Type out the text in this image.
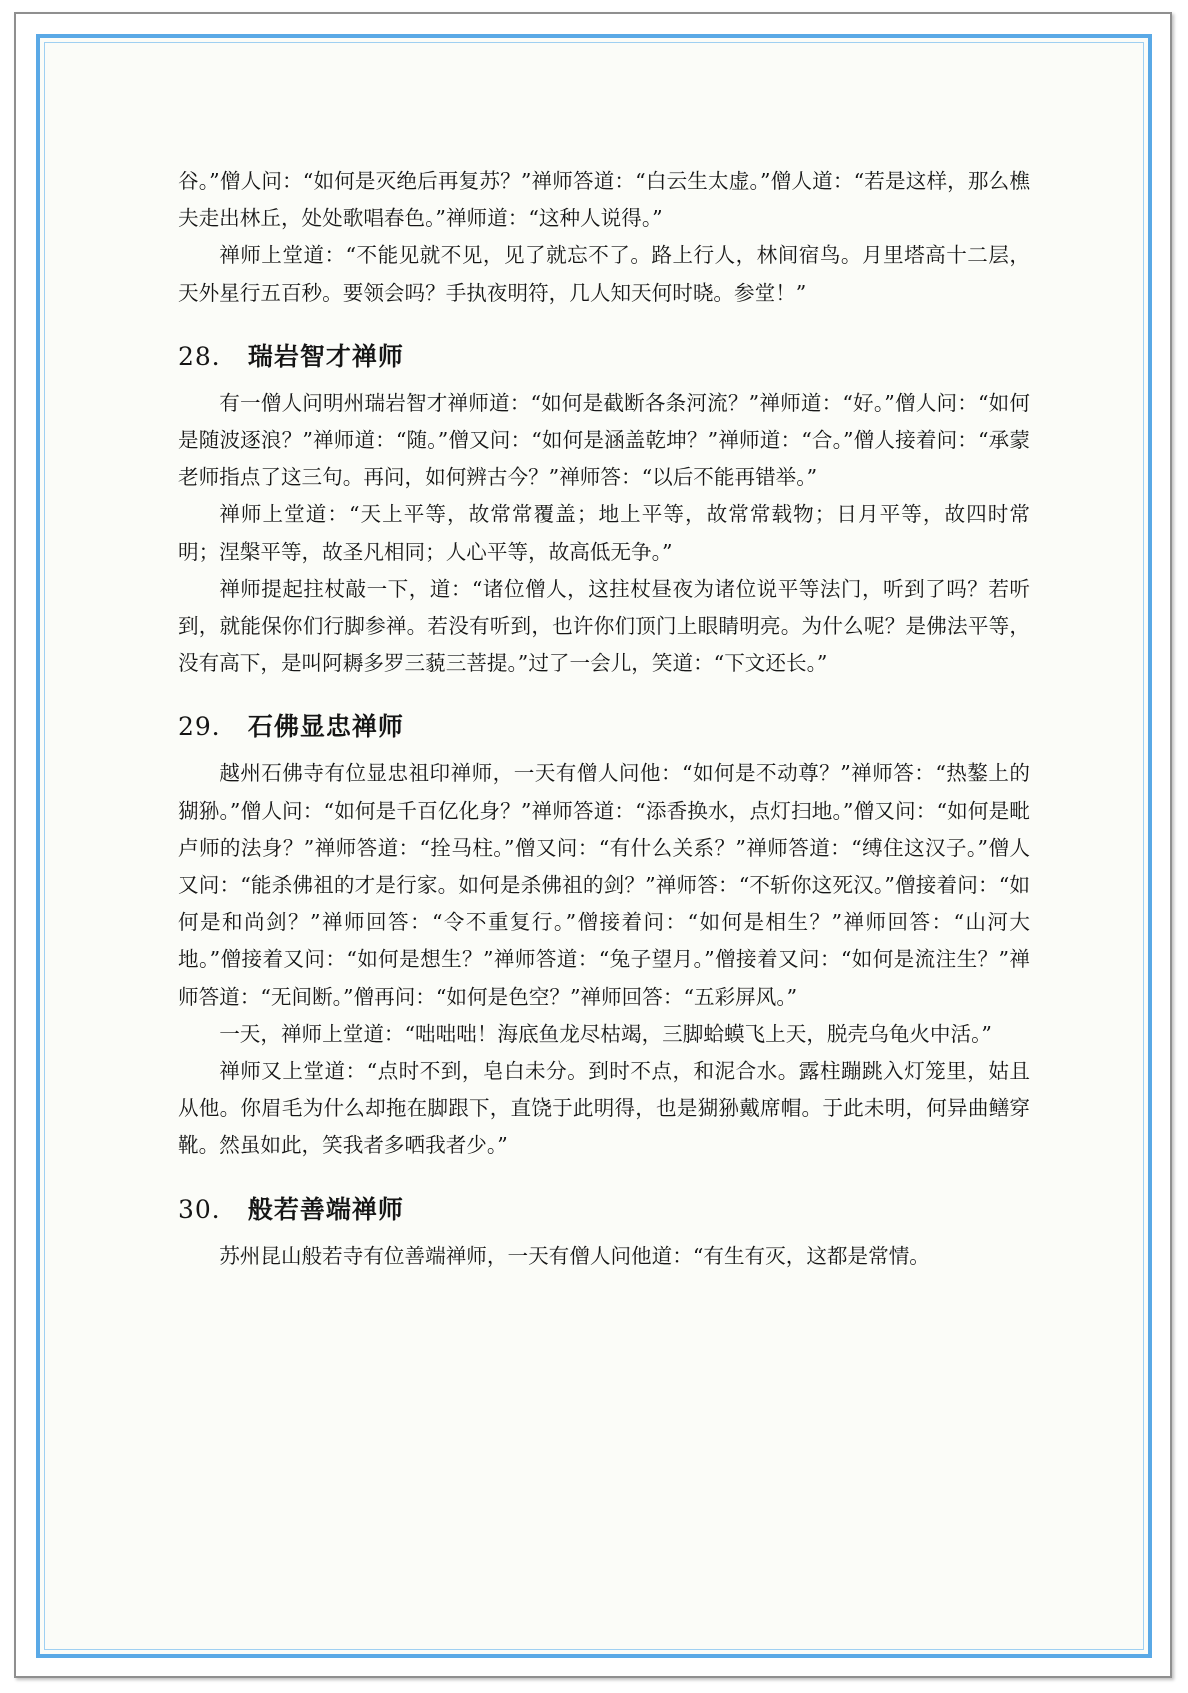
谷。”僧人问：“如何是灭绝后再复苏？”禅师答道：“白云生太虚。”僧人道：“若是这样，那么樵夫走出林丘，处处歌唱春色。”禅师道：“这种人说得。”

禅师上堂道：“不能见就不见，见了就忘不了。路上行人，林间宿鸟。月里塔高十二层，天外星行五百秒。要领会吗？手执夜明符，几人知天何时晓。参堂！”

28． 瑞岩智才禅师

有一僧人问明州瑞岩智才禅师道：“如何是截断各条河流？”禅师道：“好。”僧人问：“如何是随波逐浪？”禅师道：“随。”僧又问：“如何是涵盖乾坤？”禅师道：“合。”僧人接着问：“承蒙老师指点了这三句。再问，如何辨古今？”禅师答：“以后不能再错举。”

禅师上堂道：“天上平等，故常常覆盖；地上平等，故常常载物；日月平等，故四时常明；涅槃平等，故圣凡相同；人心平等，故高低无争。”

禅师提起拄杖敲一下，道：“诸位僧人，这拄杖昼夜为诸位说平等法门，听到了吗？若听到，就能保你们行脚参禅。若没有听到，也许你们顶门上眼睛明亮。为什么呢？是佛法平等，没有高下，是叫阿耨多罗三藐三菩提。”过了一会儿，笑道：“下文还长。”

29． 石佛显忠禅师

越州石佛寺有位显忠祖印禅师，一天有僧人问他：“如何是不动尊？”禅师答：“热鏊上的猢狲。”僧人问：“如何是千百亿化身？”禅师答道：“添香换水，点灯扫地。”僧又问：“如何是毗卢师的法身？”禅师答道：“拴马柱。”僧又问：“有什么关系？”禅师答道：“缚住这汉子。”僧人又问：“能杀佛祖的才是行家。如何是杀佛祖的剑？”禅师答：“不斩你这死汉。”僧接着问：“如何是和尚剑？”禅师回答：“令不重复行。”僧接着问：“如何是相生？”禅师回答：“山河大地。”僧接着又问：“如何是想生？”禅师答道：“兔子望月。”僧接着又问：“如何是流注生？”禅师答道：“无间断。”僧再问：“如何是色空？”禅师回答：“五彩屏风。”

一天，禅师上堂道：“咄咄咄！海底鱼龙尽枯竭，三脚蛤蟆飞上天，脱壳乌龟火中活。”

禅师又上堂道：“点时不到，皂白未分。到时不点，和泥合水。露柱蹦跳入灯笼里，姑且从他。你眉毛为什么却拖在脚跟下，直饶于此明得，也是猢狲戴席帽。于此未明，何异曲鳝穿靴。然虽如此，笑我者多哂我者少。”

30． 般若善端禅师

苏州昆山般若寺有位善端禅师，一天有僧人问他道：“有生有灭，这都是常情。
